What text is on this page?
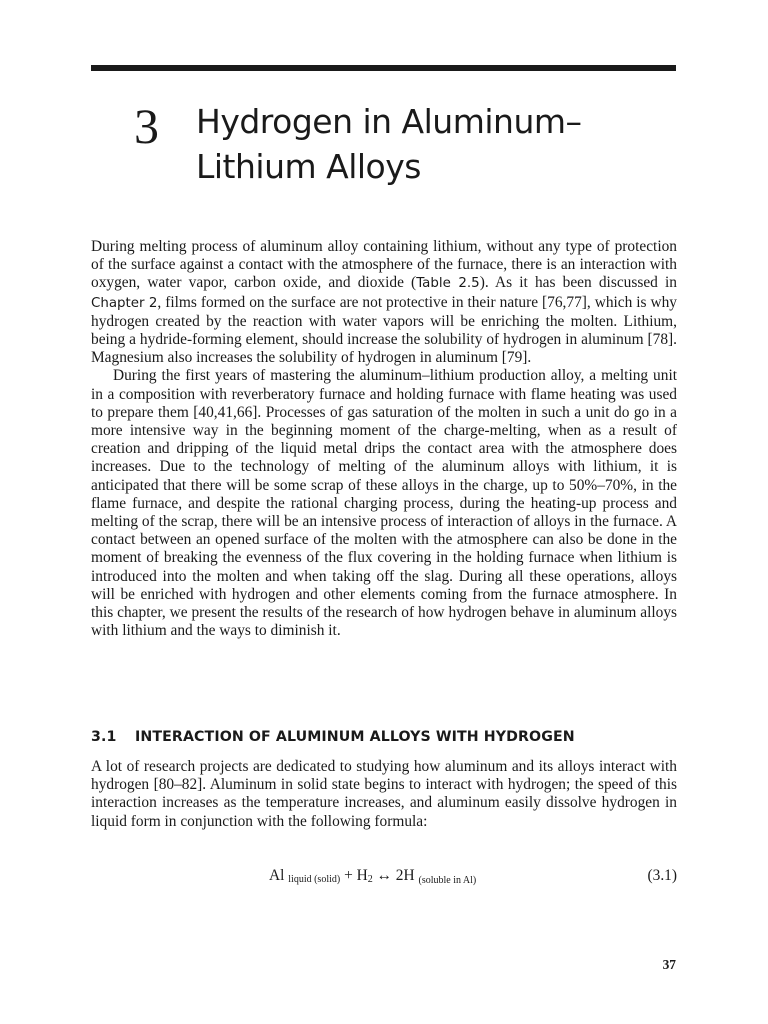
3 Hydrogen in Aluminum–
Lithium Alloys

During melting process of aluminum alloy containing lithium, without any type of protection of the surface against a contact with the atmosphere of the furnace, there is an interaction with oxygen, water vapor, carbon oxide, and dioxide (Table 2.5). As it has been discussed in Chapter 2, films formed on the surface are not protective in their nature [76,77], which is why hydrogen created by the reaction with water vapors will be enriching the molten. Lithium, being a hydride-forming element, should increase the solubility of hydrogen in aluminum [78]. Magnesium also increases the solubility of hydrogen in aluminum [79].

During the first years of mastering the aluminum–lithium production alloy, a melting unit in a composition with reverberatory furnace and holding furnace with flame heating was used to prepare them [40,41,66]. Processes of gas saturation of the molten in such a unit do go in a more intensive way in the beginning moment of the charge-melting, when as a result of creation and dripping of the liquid metal drips the contact area with the atmosphere does increases. Due to the technology of melting of the aluminum alloys with lithium, it is anticipated that there will be some scrap of these alloys in the charge, up to 50%–70%, in the flame furnace, and despite the rational charging process, during the heating-up process and melting of the scrap, there will be an intensive process of interaction of alloys in the furnace. A contact between an opened surface of the molten with the atmosphere can also be done in the moment of breaking the evenness of the flux covering in the holding furnace when lithium is introduced into the molten and when taking off the slag. During all these operations, alloys will be enriched with hydrogen and other elements coming from the furnace atmosphere. In this chapter, we present the results of the research of how hydrogen behave in aluminum alloys with lithium and the ways to diminish it.

3.1 INTERACTION OF ALUMINUM ALLOYS WITH HYDROGEN

A lot of research projects are dedicated to studying how aluminum and its alloys interact with hydrogen [80–82]. Aluminum in solid state begins to interact with hydrogen; the speed of this interaction increases as the temperature increases, and aluminum easily dissolve hydrogen in liquid form in conjunction with the following formula:

Al $_{liquid (solid)} + H_2$ ↔ 2H (soluble in Al)	(3.1)
37
